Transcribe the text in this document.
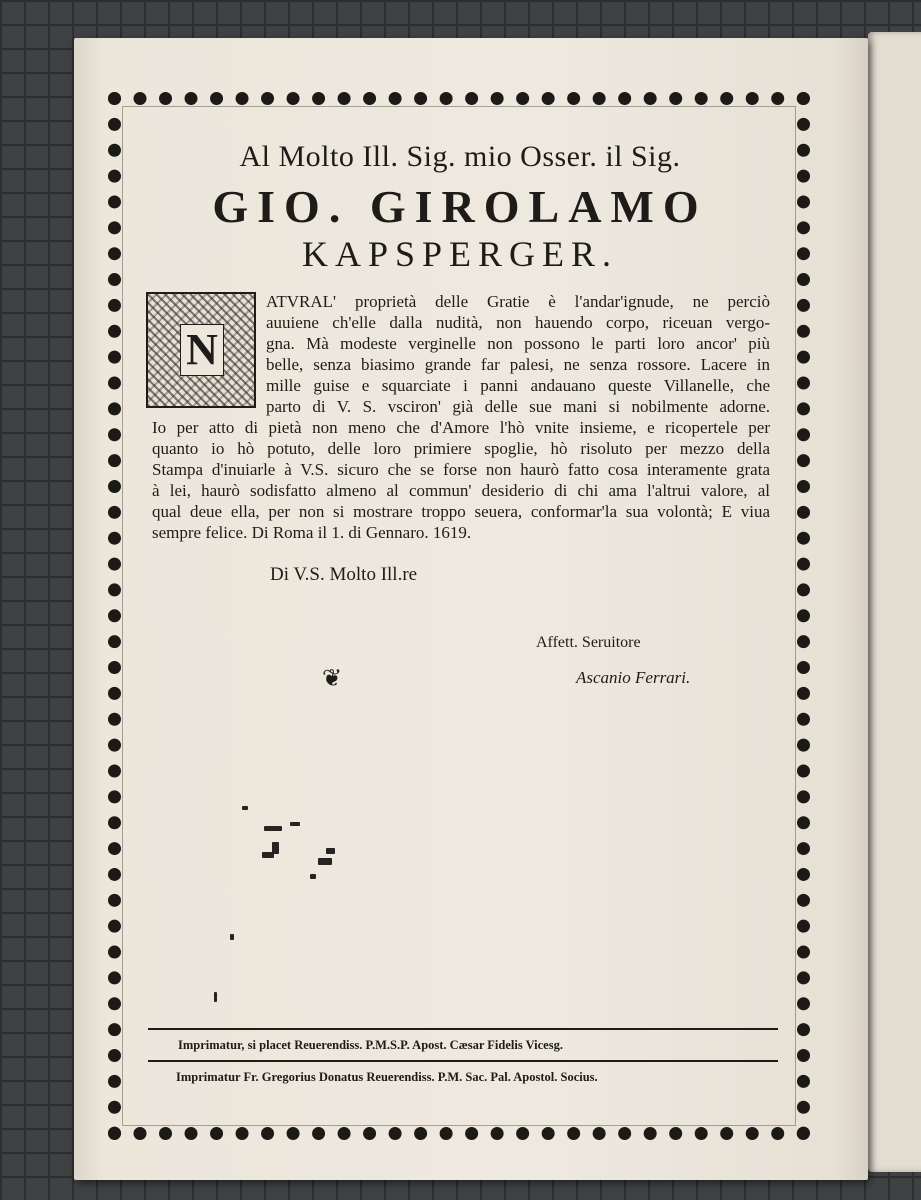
Al Molto Ill. Sig. mio Osser. il Sig.
GIO. GIROLAMO
KAPSPERGER.
N
ATVRAL' proprietà delle Gratie è l'andar'ignude, ne perciò
auuiene ch'elle dalla nudità, non hauendo corpo, riceuan vergo-
gna. Mà modeste verginelle non possono le parti loro ancor' più
belle, senza biasimo grande far palesi, ne senza rossore. Lacere in
mille guise e squarciate i panni andauano queste Villanelle, che
parto di V. S. vsciron' già delle sue mani si nobilmente adorne.
Io per atto di pietà non meno che d'Amore l'hò vnite insieme, e ricopertele per
quanto io hò potuto, delle loro primiere spoglie, hò risoluto per mezzo della
Stampa d'inuiarle à V.S. sicuro che se forse non haurò fatto cosa interamente grata
à lei, haurò sodisfatto almeno al commun' desiderio di chi ama l'altrui valore, al
qual deue ella, per non si mostrare troppo seuera, conformar'la sua volontà; E viua
sempre felice. Di Roma il 1. di Gennaro. 1619.
Di V.S. Molto Ill.re
Affett. Seruitore
❦	Ascanio Ferrari.
Imprimatur, si placet Reuerendiss. P.M.S.P. Apost. Cæsar Fidelis Vicesg.
Imprimatur Fr. Gregorius Donatus Reuerendiss. P.M. Sac. Pal. Apostol. Socius.
